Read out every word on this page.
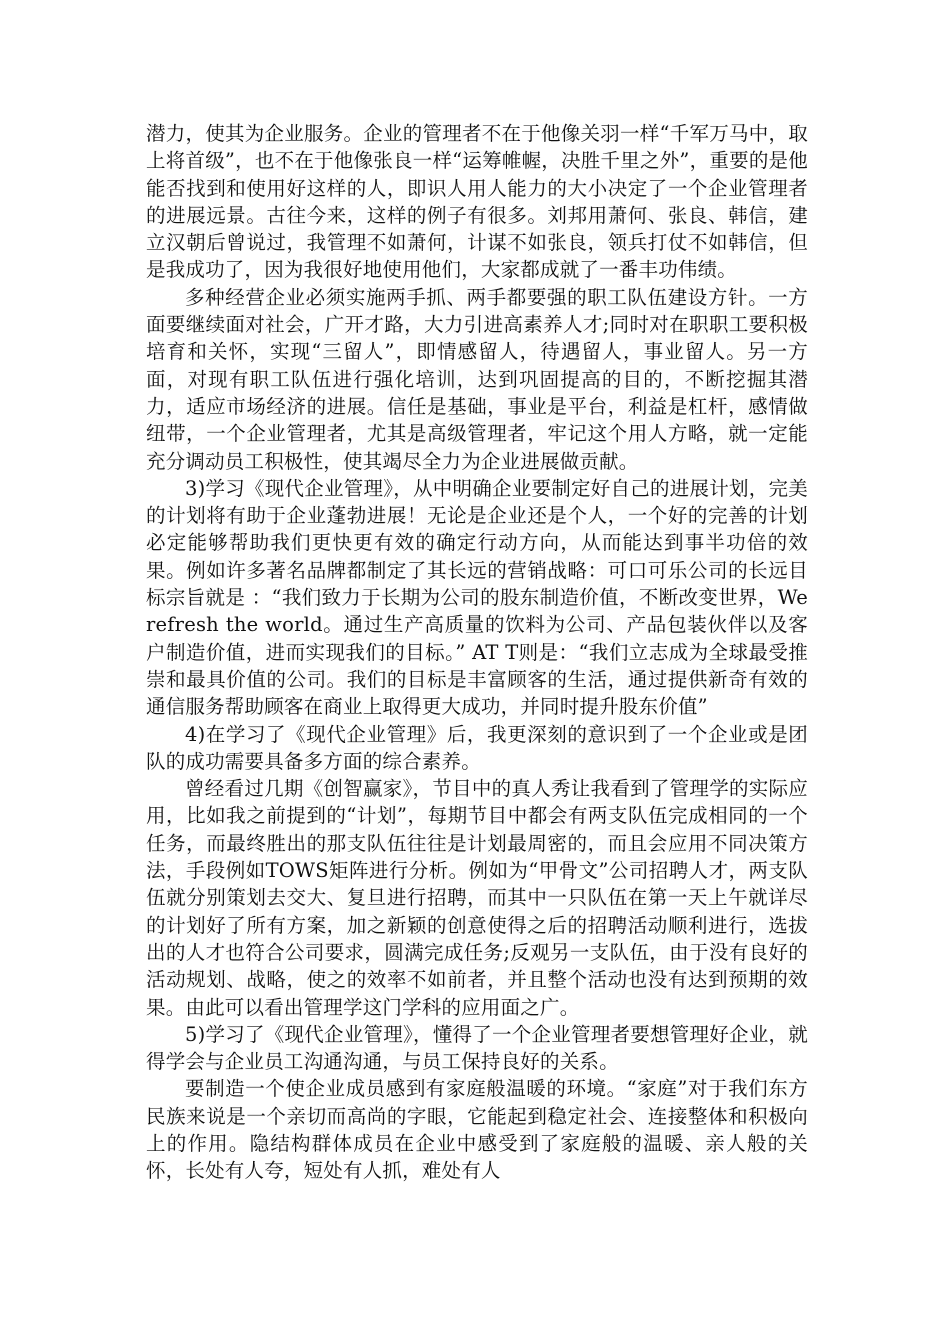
潜力，使其为企业服务。企业的管理者不在于他像关羽一样“千军万马中，取上将首级”，也不在于他像张良一样“运筹帷幄，决胜千里之外”，重要的是他能否找到和使用好这样的人，即识人用人能力的大小决定了一个企业管理者的进展远景。古往今来，这样的例子有很多。刘邦用萧何、张良、韩信，建立汉朝后曾说过，我管理不如萧何，计谋不如张良，领兵打仗不如韩信，但是我成功了，因为我很好地使用他们，大家都成就了一番丰功伟绩。

多种经营企业必须实施两手抓、两手都要强的职工队伍建设方针。一方面要继续面对社会，广开才路，大力引进高素养人才;同时对在职职工要积极培育和关怀，实现“三留人”，即情感留人，待遇留人，事业留人。另一方面，对现有职工队伍进行强化培训，达到巩固提高的目的，不断挖掘其潜力，适应市场经济的进展。信任是基础，事业是平台，利益是杠杆，感情做纽带，一个企业管理者，尤其是高级管理者，牢记这个用人方略，就一定能充分调动员工积极性，使其竭尽全力为企业进展做贡献。

3)学习《现代企业管理》，从中明确企业要制定好自己的进展计划，完美的计划将有助于企业蓬勃进展！无论是企业还是个人，一个好的完善的计划必定能够帮助我们更快更有效的确定行动方向，从而能达到事半功倍的效果。例如许多著名品牌都制定了其长远的营销战略：可口可乐公司的长远目标宗旨就是 ：“我们致力于长期为公司的股东制造价值，不断改变世界，We refresh the world。通过生产高质量的饮料为公司、产品包装伙伴以及客户制造价值，进而实现我们的目标。” AT T则是：“我们立志成为全球最受推崇和最具价值的公司。我们的目标是丰富顾客的生活，通过提供新奇有效的通信服务帮助顾客在商业上取得更大成功，并同时提升股东价值”

4)在学习了《现代企业管理》后，我更深刻的意识到了一个企业或是团队的成功需要具备多方面的综合素养。

曾经看过几期《创智赢家》，节目中的真人秀让我看到了管理学的实际应用，比如我之前提到的“计划”，每期节目中都会有两支队伍完成相同的一个任务，而最终胜出的那支队伍往往是计划最周密的，而且会应用不同决策方法，手段例如TOWS矩阵进行分析。例如为“甲骨文”公司招聘人才，两支队伍就分别策划去交大、复旦进行招聘，而其中一只队伍在第一天上午就详尽的计划好了所有方案，加之新颖的创意使得之后的招聘活动顺利进行，选拔出的人才也符合公司要求，圆满完成任务;反观另一支队伍，由于没有良好的活动规划、战略，使之的效率不如前者，并且整个活动也没有达到预期的效果。由此可以看出管理学这门学科的应用面之广。

5)学习了《现代企业管理》，懂得了一个企业管理者要想管理好企业，就得学会与企业员工沟通沟通，与员工保持良好的关系。

要制造一个使企业成员感到有家庭般温暖的环境。“家庭”对于我们东方民族来说是一个亲切而高尚的字眼，它能起到稳定社会、连接整体和积极向上的作用。隐结构群体成员在企业中感受到了家庭般的温暖、亲人般的关怀，长处有人夸，短处有人抓，难处有人
